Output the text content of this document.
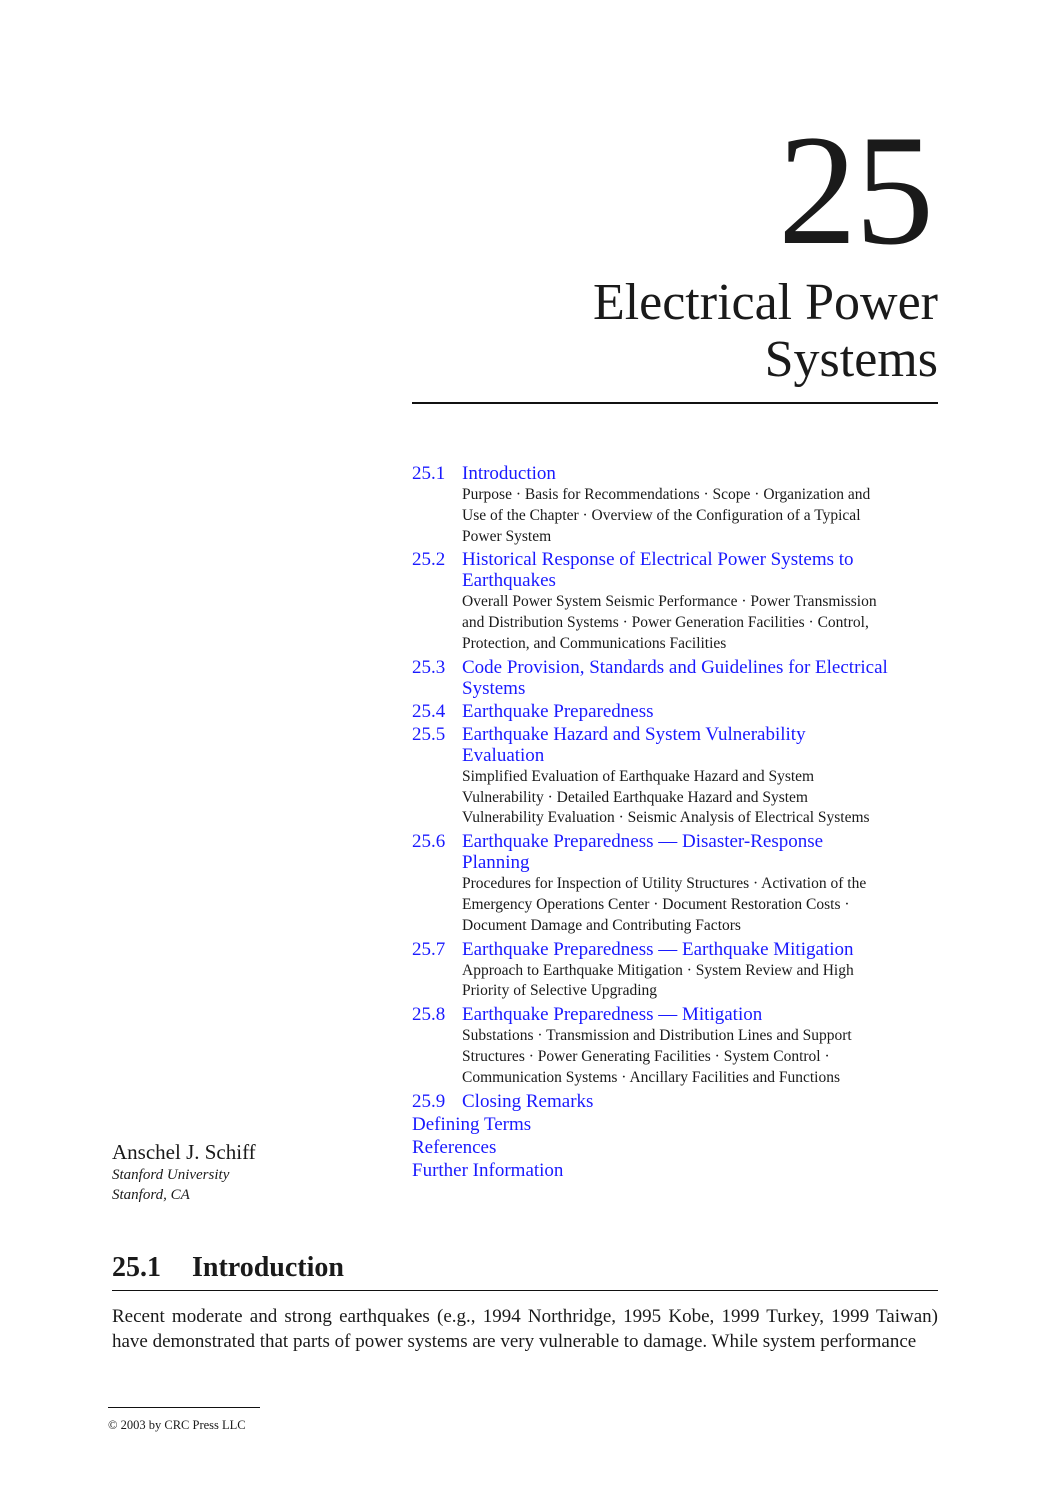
25
Electrical Power
Systems
25.1 Introduction
Purpose · Basis for Recommendations · Scope · Organization and Use of the Chapter · Overview of the Configuration of a Typical Power System
25.2 Historical Response of Electrical Power Systems to Earthquakes
Overall Power System Seismic Performance · Power Transmission and Distribution Systems · Power Generation Facilities · Control, Protection, and Communications Facilities
25.3 Code Provision, Standards and Guidelines for Electrical Systems
25.4 Earthquake Preparedness
25.5 Earthquake Hazard and System Vulnerability Evaluation
Simplified Evaluation of Earthquake Hazard and System Vulnerability · Detailed Earthquake Hazard and System Vulnerability Evaluation · Seismic Analysis of Electrical Systems
25.6 Earthquake Preparedness — Disaster-Response Planning
Procedures for Inspection of Utility Structures · Activation of the Emergency Operations Center · Document Restoration Costs · Document Damage and Contributing Factors
25.7 Earthquake Preparedness — Earthquake Mitigation
Approach to Earthquake Mitigation · System Review and High Priority of Selective Upgrading
25.8 Earthquake Preparedness — Mitigation
Substations · Transmission and Distribution Lines and Support Structures · Power Generating Facilities · System Control · Communication Systems · Ancillary Facilities and Functions
25.9 Closing Remarks
Defining Terms
References
Further Information
Anschel J. Schiff
Stanford University
Stanford, CA
25.1	Introduction

Recent moderate and strong earthquakes (e.g., 1994 Northridge, 1995 Kobe, 1999 Turkey, 1999 Taiwan) have demonstrated that parts of power systems are very vulnerable to damage. While system performance

© 2003 by CRC Press LLC
